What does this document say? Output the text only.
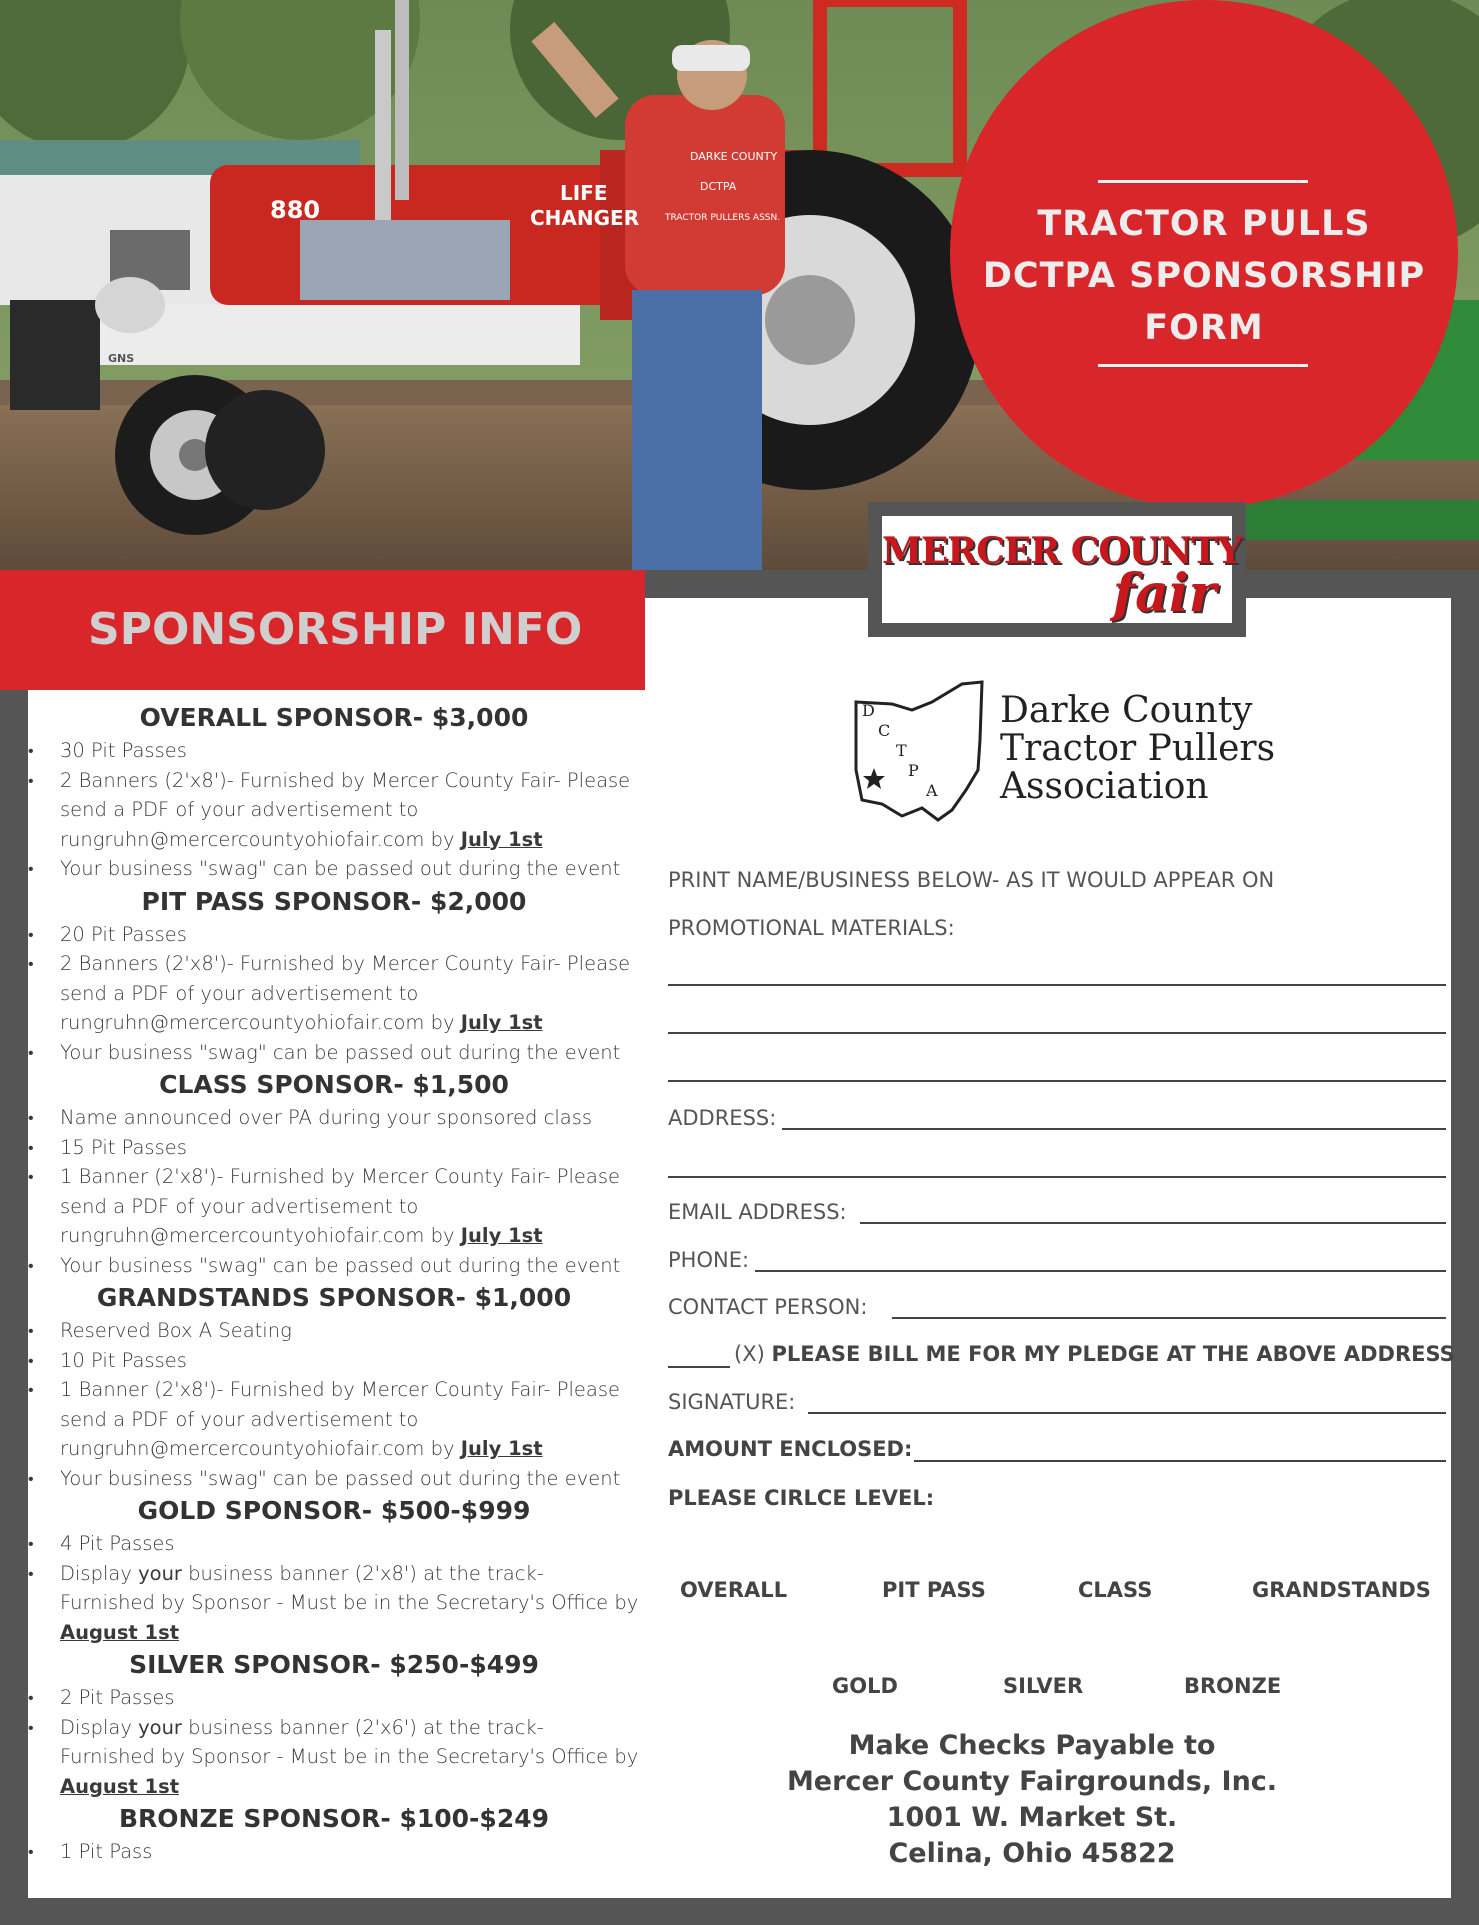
880
LIFE
CHANGER
DARKE COUNTY
DCTPA
TRACTOR PULLERS ASSN.
GNS
TRACTOR PULLS
DCTPA SPONSORSHIP
FORM
MERCER COUNTY
fair
SPONSORSHIP INFO
OVERALL SPONSOR- $3,000
• 30 Pit Passes
• 2 Banners (2'x8')- Furnished by Mercer County Fair- Please send a PDF of your advertisement to rungruhn@mercercountyohiofair.com by July 1st
• Your business "swag" can be passed out during the event
PIT PASS SPONSOR- $2,000
• 20 Pit Passes
• 2 Banners (2'x8')- Furnished by Mercer County Fair- Please send a PDF of your advertisement to rungruhn@mercercountyohiofair.com by July 1st
• Your business "swag" can be passed out during the event
CLASS SPONSOR- $1,500
• Name announced over PA during your sponsored class
• 15 Pit Passes
• 1 Banner (2'x8')- Furnished by Mercer County Fair- Please send a PDF of your advertisement to rungruhn@mercercountyohiofair.com by July 1st
• Your business "swag" can be passed out during the event
GRANDSTANDS SPONSOR- $1,000
• Reserved Box A Seating
• 10 Pit Passes
• 1 Banner (2'x8')- Furnished by Mercer County Fair- Please send a PDF of your advertisement to rungruhn@mercercountyohiofair.com by July 1st
• Your business "swag" can be passed out during the event
GOLD SPONSOR- $500-$999
• 4 Pit Passes
• Display your business banner (2'x8') at the track- Furnished by Sponsor - Must be in the Secretary's Office by August 1st
SILVER SPONSOR- $250-$499
• 2 Pit Passes
• Display your business banner (2'x6') at the track- Furnished by Sponsor - Must be in the Secretary's Office by August 1st
BRONZE SPONSOR- $100-$249
• 1 Pit Pass
D
C
T
P
A
Darke County
Tractor Pullers
Association
PRINT NAME/BUSINESS BELOW- AS IT WOULD APPEAR ON
PROMOTIONAL MATERIALS:
ADDRESS:
EMAIL ADDRESS:
PHONE:
CONTACT PERSON:
(X) PLEASE BILL ME FOR MY PLEDGE AT THE ABOVE ADDRESS
SIGNATURE:
AMOUNT ENCLOSED:
PLEASE CIRLCE LEVEL:
OVERALL	PIT PASS	CLASS	GRANDSTANDS
GOLD	SILVER	BRONZE
Make Checks Payable to
Mercer County Fairgrounds, Inc.
1001 W. Market St.
Celina, Ohio 45822
